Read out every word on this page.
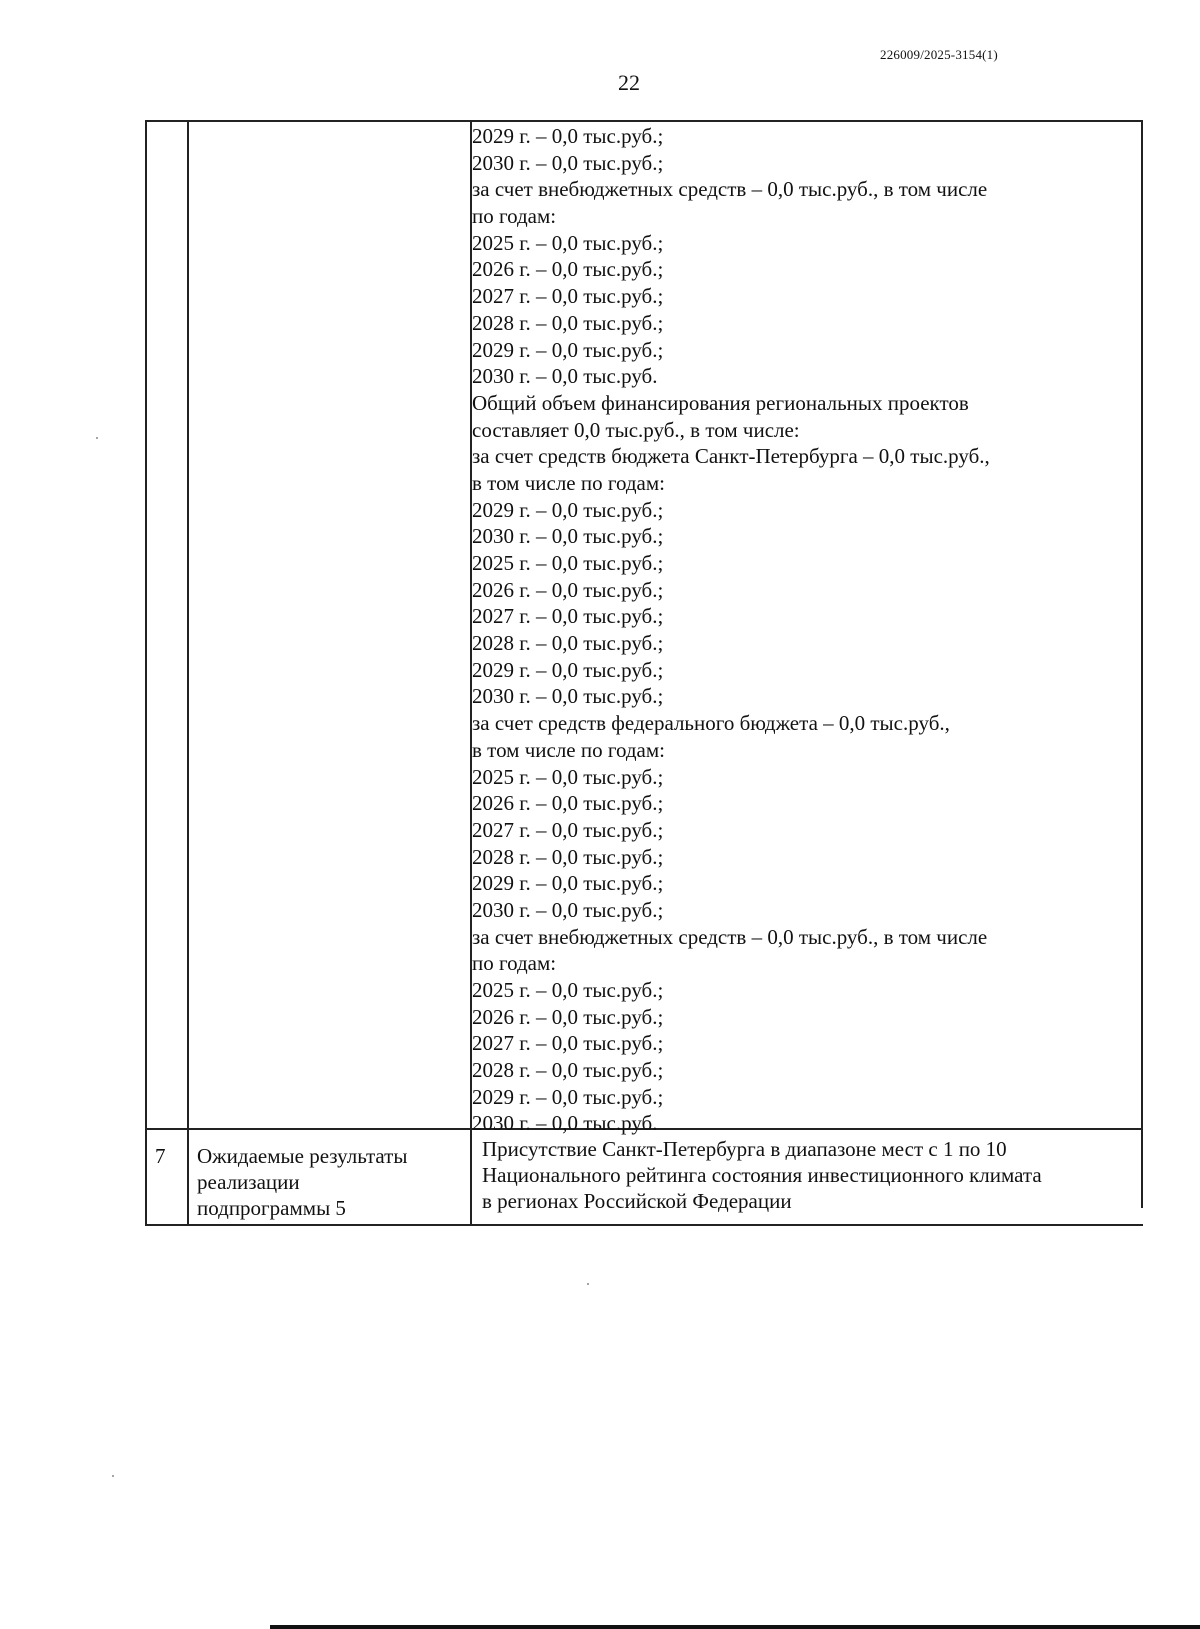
226009/2025-3154(1)
22
2029 г. – 0,0 тыс.руб.;
2030 г. – 0,0 тыс.руб.;
за счет внебюджетных средств – 0,0 тыс.руб., в том числе
по годам:
2025 г. – 0,0 тыс.руб.;
2026 г. – 0,0 тыс.руб.;
2027 г. – 0,0 тыс.руб.;
2028 г. – 0,0 тыс.руб.;
2029 г. – 0,0 тыс.руб.;
2030 г. – 0,0 тыс.руб.
Общий объем финансирования региональных проектов
составляет 0,0 тыс.руб., в том числе:
за счет средств бюджета Санкт-Петербурга – 0,0 тыс.руб.,
в том числе по годам:
2029 г. – 0,0 тыс.руб.;
2030 г. – 0,0 тыс.руб.;
2025 г. – 0,0 тыс.руб.;
2026 г. – 0,0 тыс.руб.;
2027 г. – 0,0 тыс.руб.;
2028 г. – 0,0 тыс.руб.;
2029 г. – 0,0 тыс.руб.;
2030 г. – 0,0 тыс.руб.;
за счет средств федерального бюджета – 0,0 тыс.руб.,
в том числе по годам:
2025 г. – 0,0 тыс.руб.;
2026 г. – 0,0 тыс.руб.;
2027 г. – 0,0 тыс.руб.;
2028 г. – 0,0 тыс.руб.;
2029 г. – 0,0 тыс.руб.;
2030 г. – 0,0 тыс.руб.;
за счет внебюджетных средств – 0,0 тыс.руб., в том числе
по годам:
2025 г. – 0,0 тыс.руб.;
2026 г. – 0,0 тыс.руб.;
2027 г. – 0,0 тыс.руб.;
2028 г. – 0,0 тыс.руб.;
2029 г. – 0,0 тыс.руб.;
2030 г. – 0,0 тыс.руб.
7 Ожидаемые результаты
реализации
подпрограммы 5
Присутствие Санкт-Петербурга в диапазоне мест с 1 по 10
Национального рейтинга состояния инвестиционного климата
в регионах Российской Федерации
